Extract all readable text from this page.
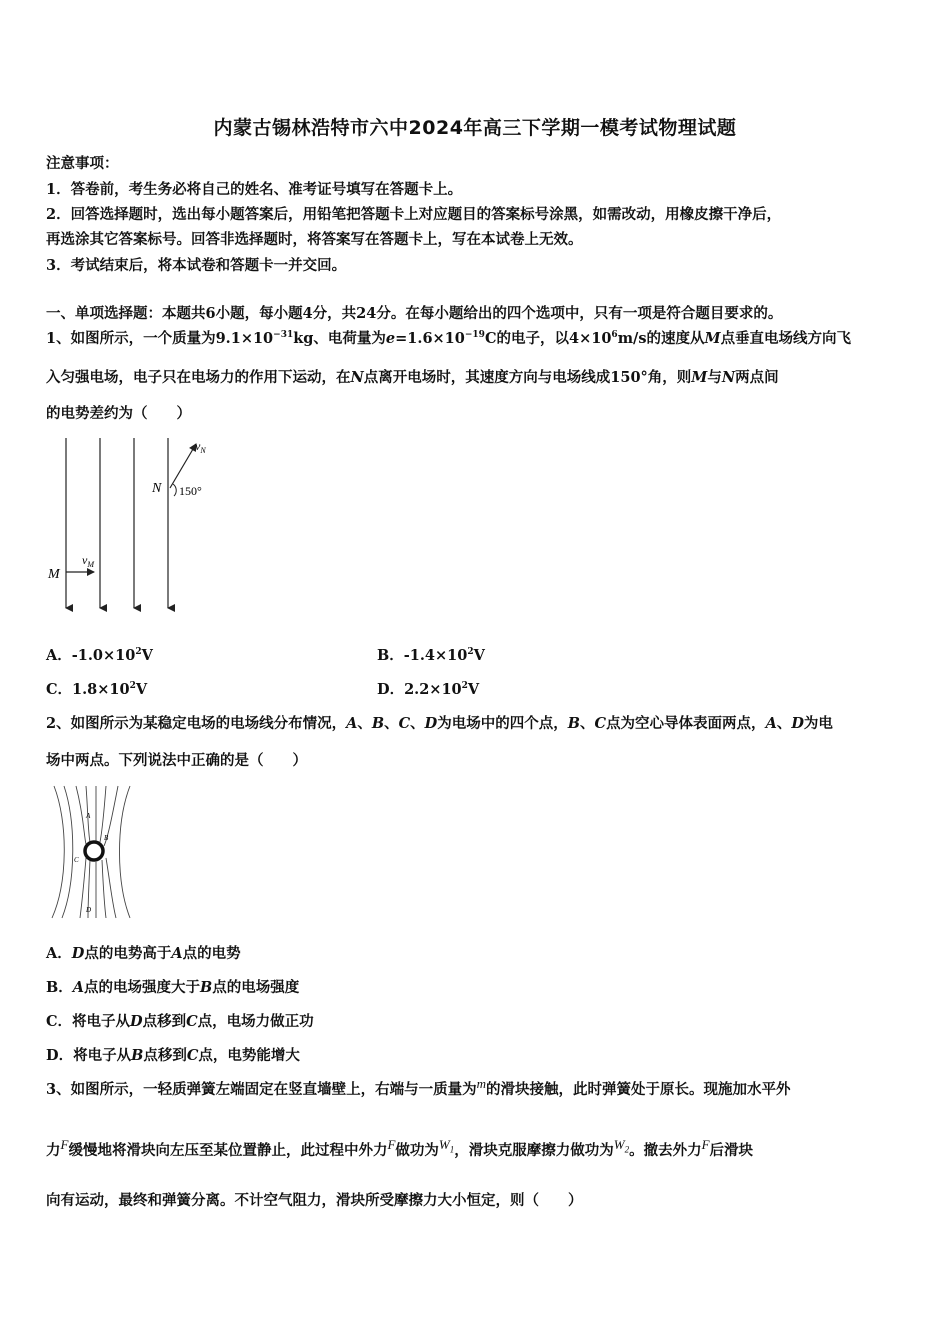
内蒙古锡林浩特市六中2024年高三下学期一模考试物理试题
注意事项：
1．答卷前，考生务必将自己的姓名、准考证号填写在答题卡上。
2．回答选择题时，选出每小题答案后，用铅笔把答题卡上对应题目的答案标号涂黑，如需改动，用橡皮擦干净后，
再选涂其它答案标号。回答非选择题时，将答案写在答题卡上，写在本试卷上无效。
3．考试结束后，将本试卷和答题卡一并交回。
一、单项选择题：本题共6小题，每小题4分，共24分。在每小题给出的四个选项中，只有一项是符合题目要求的。
1、如图所示，一个质量为$9.1\times 10^{-31}kg$、电荷量为$e=1.6\times 10^{-19}C$的电子，以$4\times 10^6m/s$的速度从M点垂直电场线方向飞
入匀强电场，电子只在电场力的作用下运动，在N点离开电场时，其速度方向与电场线成150°角，则M与N两点间
的电势差约为（　　）
$v_N$
N 150°
M
$v_M$
A．$-1.0\times 10^2V$	B．$-1.4\times 10^2V$
C．$1.8\times 10^2V$	D．$2.2\times 10^2V$
2、如图所示为某稳定电场的电场线分布情况，A、B、C、D为电场中的四个点，B、C点为空心导体表面两点，A、D为电
场中两点。下列说法中正确的是（　　）
A
B
C
D
A．D点的电势高于A点的电势
B．A点的电场强度大于B点的电场强度
C．将电子从D点移到C点，电场力做正功
D．将电子从B点移到C点，电势能增大
3、如图所示，一轻质弹簧左端固定在竖直墙壁上，右端与一质量为$^m$的滑块接触，此时弹簧处于原长。现施加水平外
力$^F$缓慢地将滑块向左压至某位置静止，此过程中外力$^F$做功为$^{W_1}$，滑块克服摩擦力做功为$^{W_2}$。撤去外力$^F$后滑块
向有运动，最终和弹簧分离。不计空气阻力，滑块所受摩擦力大小恒定，则（　　）
